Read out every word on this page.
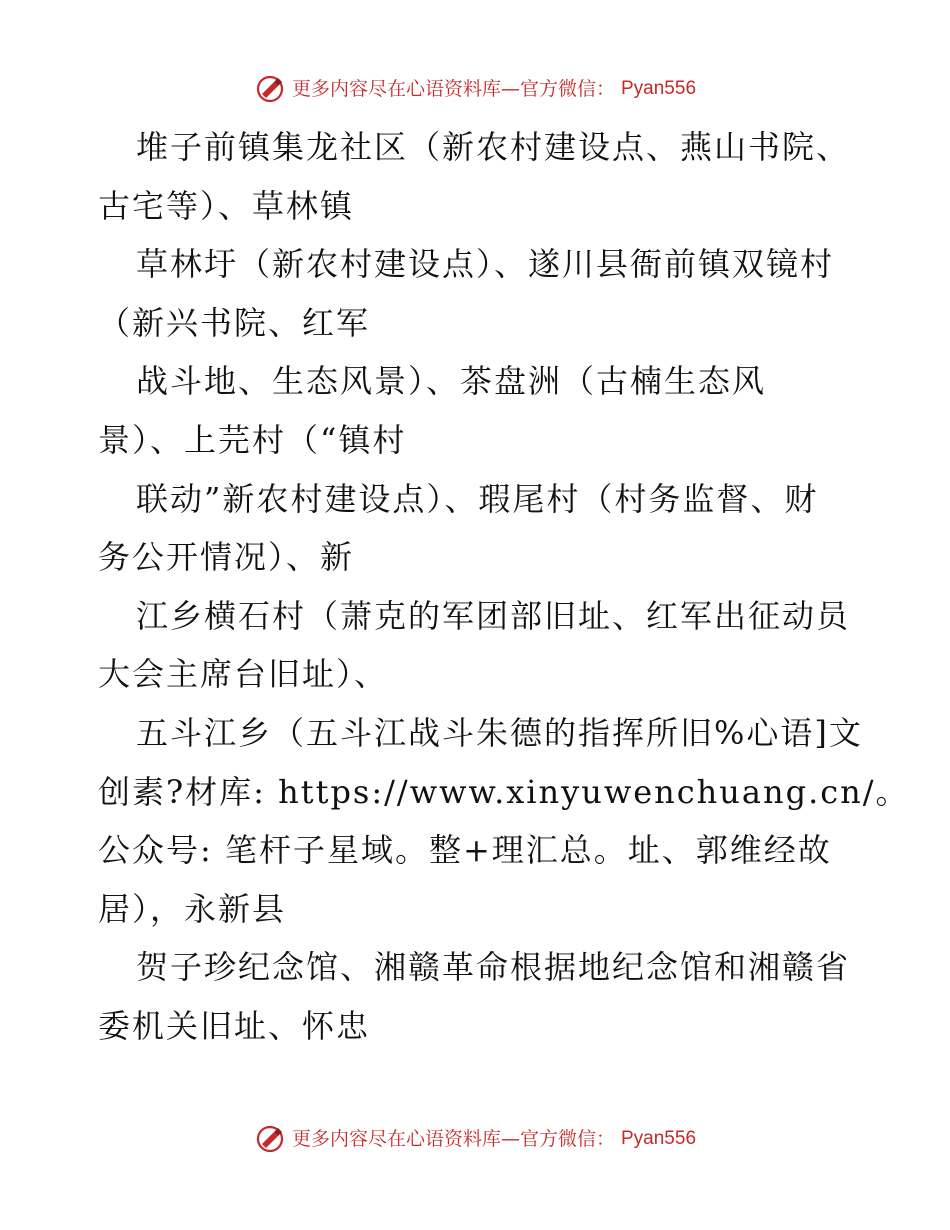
更多内容尽在心语资料库—官方微信： Pyan556

堆子前镇集龙社区（新农村建设点、燕山书院、
古宅等）、草林镇

草林圩（新农村建设点）、遂川县衙前镇双镜村
（新兴书院、红军

战斗地、生态风景）、茶盘洲（古楠生态风
景）、上芫村（“镇村

联动”新农村建设点）、瑕尾村（村务监督、财
务公开情况）、新

江乡横石村（萧克的军团部旧址、红军出征动员
大会主席台旧址）、

五斗江乡（五斗江战斗朱德的指挥所旧%心语]文
创素?材库: https://www.xinyuwenchuang.cn/。
公众号: 笔杆子星域。整+理汇总。址、郭维经故
居），永新县

贺子珍纪念馆、湘赣革命根据地纪念馆和湘赣省
委机关旧址、怀忠

更多内容尽在心语资料库—官方微信： Pyan556
